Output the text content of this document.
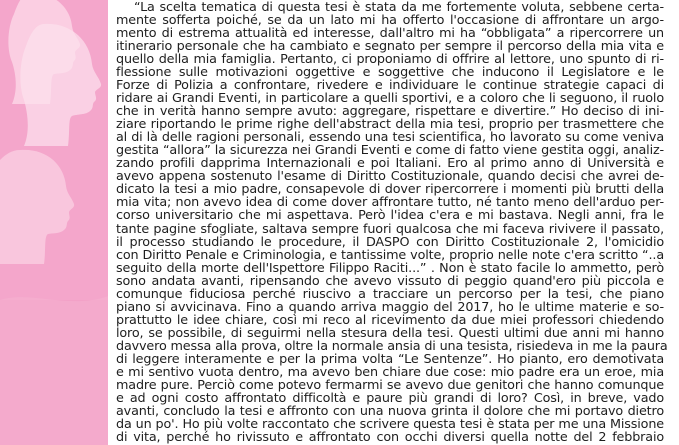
“La scelta tematica di questa tesi è stata da me fortemente voluta, sebbene certa-
mente sofferta poiché, se da un lato mi ha offerto l'occasione di affrontare un argo-
mento di estrema attualità ed interesse, dall'altro mi ha “obbligata” a ripercorrere un
itinerario personale che ha cambiato e segnato per sempre il percorso della mia vita e
quello della mia famiglia. Pertanto, ci proponiamo di offrire al lettore, uno spunto di ri-
flessione sulle motivazioni oggettive e soggettive che inducono il Legislatore e le
Forze di Polizia a confrontare, rivedere e individuare le continue strategie capaci di
ridare ai Grandi Eventi, in particolare a quelli sportivi, e a coloro che li seguono, il ruolo
che in verità hanno sempre avuto: aggregare, rispettare e divertire.” Ho deciso di ini-
ziare riportando le prime righe dell'abstract della mia tesi, proprio per trasmettere che
al di là delle ragioni personali, essendo una tesi scientifica, ho lavorato su come veniva
gestita “allora” la sicurezza nei Grandi Eventi e come di fatto viene gestita oggi, analiz-
zando profili dapprima Internazionali e poi Italiani. Ero al primo anno di Università e
avevo appena sostenuto l'esame di Diritto Costituzionale, quando decisi che avrei de-
dicato la tesi a mio padre, consapevole di dover ripercorrere i momenti più brutti della
mia vita; non avevo idea di come dover affrontare tutto, né tanto meno dell'arduo per-
corso universitario che mi aspettava. Però l'idea c'era e mi bastava. Negli anni, fra le
tante pagine sfogliate, saltava sempre fuori qualcosa che mi faceva rivivere il passato,
il processo studiando le procedure, il DASPO con Diritto Costituzionale 2, l'omicidio
con Diritto Penale e Criminologia, e tantissime volte, proprio nelle note c'era scritto “..a
seguito della morte dell'Ispettore Filippo Raciti...” . Non è stato facile lo ammetto, però
sono andata avanti, ripensando che avevo vissuto di peggio quand'ero più piccola e
comunque fiduciosa perché riuscivo a tracciare un percorso per la tesi, che piano
piano si avvicinava. Fino a quando arriva maggio del 2017, ho le ultime materie e so-
prattutto le idee chiare, così mi reco al ricevimento da due miei professori chiedendo
loro, se possibile, di seguirmi nella stesura della tesi. Questi ultimi due anni mi hanno
davvero messa alla prova, oltre la normale ansia di una tesista, risiedeva in me la paura
di leggere interamente e per la prima volta “Le Sentenze”. Ho pianto, ero demotivata
e mi sentivo vuota dentro, ma avevo ben chiare due cose: mio padre era un eroe, mia
madre pure. Perciò come potevo fermarmi se avevo due genitori che hanno comunque
e ad ogni costo affrontato difficoltà e paure più grandi di loro? Così, in breve, vado
avanti, concludo la tesi e affronto con una nuova grinta il dolore che mi portavo dietro
da un po'. Ho più volte raccontato che scrivere questa tesi è stata per me una Missione
di vita, perché ho rivissuto e affrontato con occhi diversi quella notte del 2 febbraio
